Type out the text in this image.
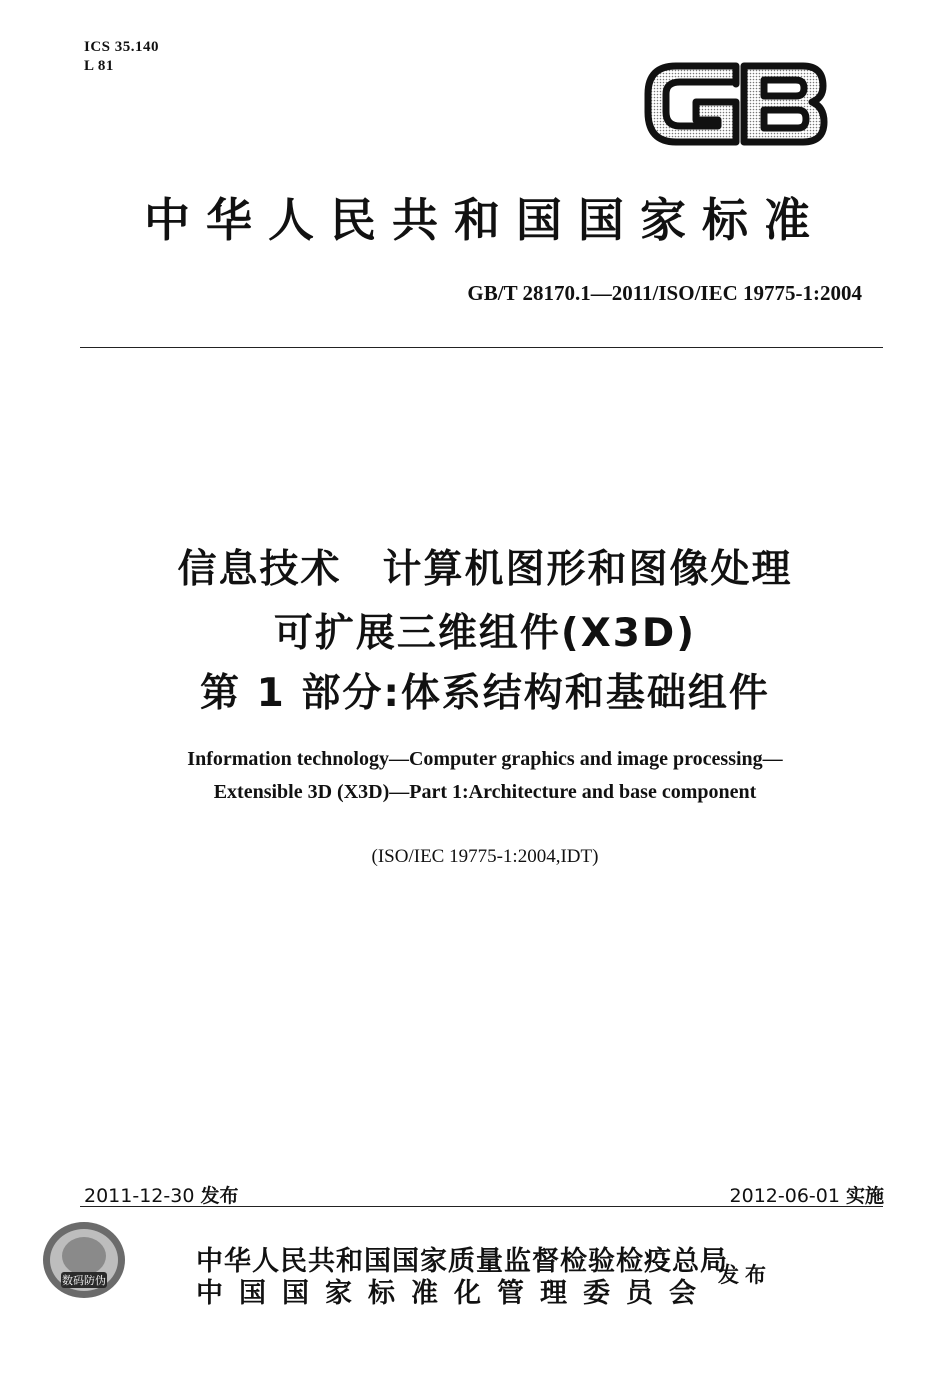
ICS 35.140
L 81
中华人民共和国国家标准
GB/T 28170.1—2011/ISO/IEC 19775-1:2004
信息技术　计算机图形和图像处理
可扩展三维组件(X3D)
第 1 部分:体系结构和基础组件
Information technology—Computer graphics and image processing—
Extensible 3D (X3D)—Part 1:Architecture and base component
(ISO/IEC 19775-1:2004,IDT)
2011-12-30 发布	2012-06-01 实施
数码防伪
中华人民共和国国家质量监督检验检疫总局
中国国家标准化管理委员会
发布
